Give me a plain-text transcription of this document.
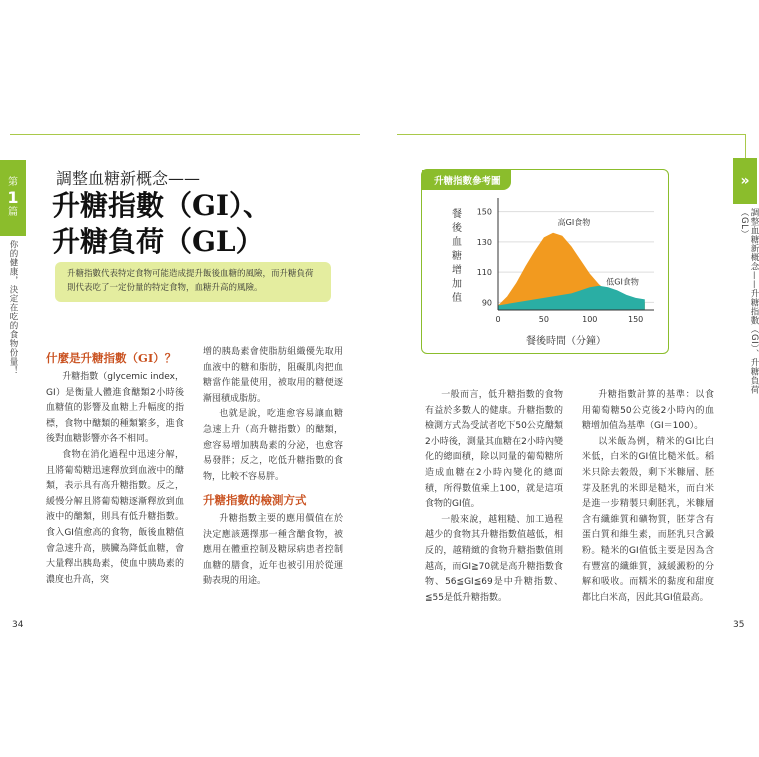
第
1
篇
你的健康，決定在吃的食物份量！
調整血糖新概念——
升糖指數（GI）、
升糖負荷（GL）
升糖指數代表特定食物可能造成提升飯後血糖的風險，而升糖負荷則代表吃了一定份量的特定食物，血糖升高的風險。
什麼是升糖指數（GI）？

升糖指數（glycemic index，GI）是衡量人體進食醣類2小時後血糖值的影響及血糖上升幅度的指標，食物中醣類的種類繁多，進食後對血糖影響亦各不相同。

食物在消化過程中迅速分解，且將葡萄糖迅速釋放到血液中的醣類，表示具有高升糖指數。反之，緩慢分解且將葡萄糖逐漸釋放到血液中的醣類，則具有低升糖指數。食入GI值愈高的食物，飯後血糖值會急速升高，胰臟為降低血糖，會大量釋出胰島素，使血中胰島素的濃度也升高，突

增的胰島素會使脂肪組織優先取用血液中的糖和脂肪，阻礙肌肉把血糖當作能量使用，被取用的糖便逐漸囤積成脂肪。

也就是說，吃進愈容易讓血糖急速上升（高升糖指數）的醣類，愈容易增加胰島素的分泌，也愈容易發胖；反之，吃低升糖指數的食物，比較不容易胖。

升糖指數的檢測方式

升糖指數主要的應用價值在於決定應該選擇那一種含醣食物，被應用在體重控制及糖尿病患者控制血糖的膳食，近年也被引用於從運動表現的用途。

34
»
調整血糖新概念——升糖指數（GI）、升糖負荷（GL）
升糖指數參考圖
90
110
130
150
0	50	100	150
高GI食物
低GI食物
餐後血糖增加值
餐後時間（分鐘）

一般而言，低升糖指數的食物有益於多數人的健康。升糖指數的檢測方式為受試者吃下50公克醣類2小時後，測量其血糖在2小時內變化的總面積，除以同量的葡萄糖所造成血糖在2小時內變化的總面積，所得數值乘上100，就是這項食物的GI值。

一般來說，越粗糙、加工過程越少的食物其升糖指數值越低，相反的，越精緻的食物升糖指數值則越高，而GI≧70就是高升糖指數食物、56≦GI≦69是中升糖指數、≦55是低升糖指數。

升糖指數計算的基準：以食用葡萄糖50公克後2小時內的血糖增加值為基準（GI＝100）。

以米飯為例，精米的GI比白米低，白米的GI值比糙米低。稻米只除去穀殼，剩下米糠層、胚芽及胚乳的米即是糙米，而白米是進一步精製只剩胚乳，米糠層含有纖維質和礦物質，胚芽含有蛋白質和維生素，而胚乳只含澱粉。糙米的GI值低主要是因為含有豐富的纖維質，減緩澱粉的分解和吸收。而糯米的黏度和甜度都比白米高，因此其GI值最高。

35
